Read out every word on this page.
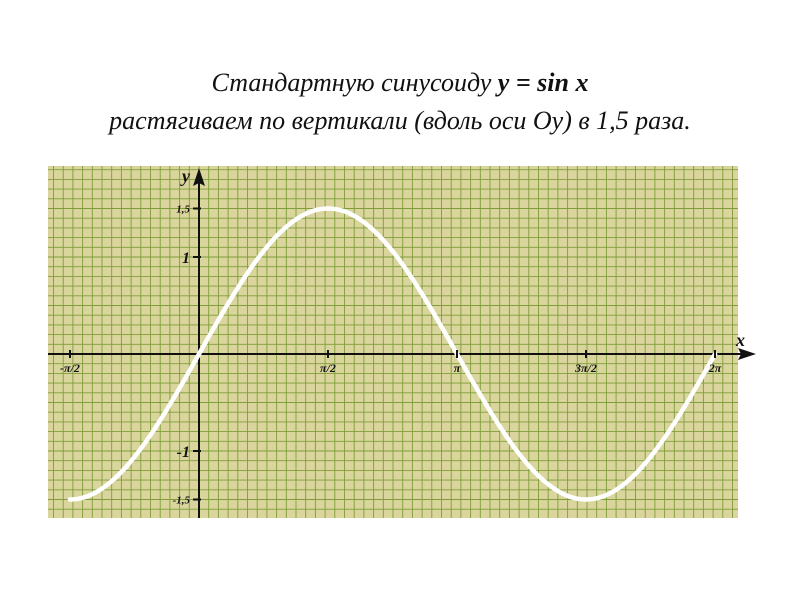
Стандартную синусоиду y = sin x
растягиваем по вертикали (вдоль оси Oy) в 1,5 раза.
x
y
1,5
1
-1
-1,5
-π/2	π/2	π	3π/2	2π
